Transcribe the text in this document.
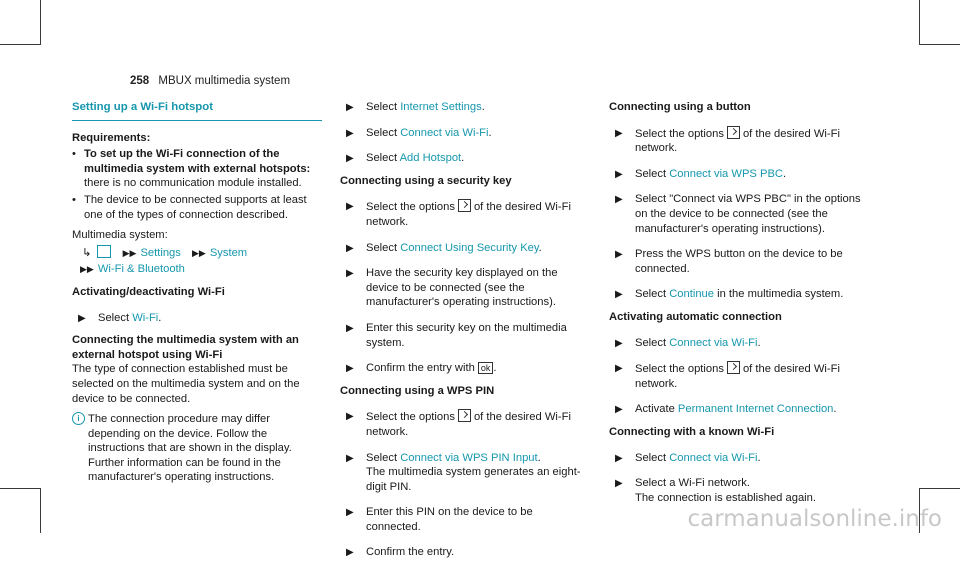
258 MBUX multimedia system
Setting up a Wi-Fi hotspot
Requirements:
• To set up the Wi-Fi connection of the multimedia system with external hotspots: there is no communication module installed.
• The device to be connected supports at least one of the types of connection described.
Multimedia system:
↳	▶▶ Settings ▶▶ System
▶▶ Wi-Fi & Bluetooth
Activating/deactivating Wi-Fi
▶ Select Wi-Fi.
Connecting the multimedia system with an external hotspot using Wi-Fi
The type of connection established must be selected on the multimedia system and on the device to be connected.
i The connection procedure may differ depending on the device. Follow the instructions that are shown in the display. Further information can be found in the manufacturer's operating instructions.
▶ Select Internet Settings.
▶ Select Connect via Wi-Fi.
▶ Select Add Hotspot.
Connecting using a security key
▶ Select the options of the desired Wi-Fi network.
▶ Select Connect Using Security Key.
▶ Have the security key displayed on the device to be connected (see the manufacturer's operating instructions).
▶ Enter this security key on the multimedia system.
▶ Confirm the entry with ok .
Connecting using a WPS PIN
▶ Select the options of the desired Wi-Fi network.
▶ Select Connect via WPS PIN Input.
The multimedia system generates an eight-digit PIN.
▶ Enter this PIN on the device to be connected.
▶ Confirm the entry.
Connecting using a button
▶ Select the options of the desired Wi-Fi network.
▶ Select Connect via WPS PBC.
▶ Select "Connect via WPS PBC" in the options on the device to be connected (see the manufacturer's operating instructions).
▶ Press the WPS button on the device to be connected.
▶ Select Continue in the multimedia system.
Activating automatic connection
▶ Select Connect via Wi-Fi.
▶ Select the options of the desired Wi-Fi network.
▶ Activate Permanent Internet Connection.
Connecting with a known Wi-Fi
▶ Select Connect via Wi-Fi.
▶ Select a Wi-Fi network.
The connection is established again.
carmanualsonline.info
